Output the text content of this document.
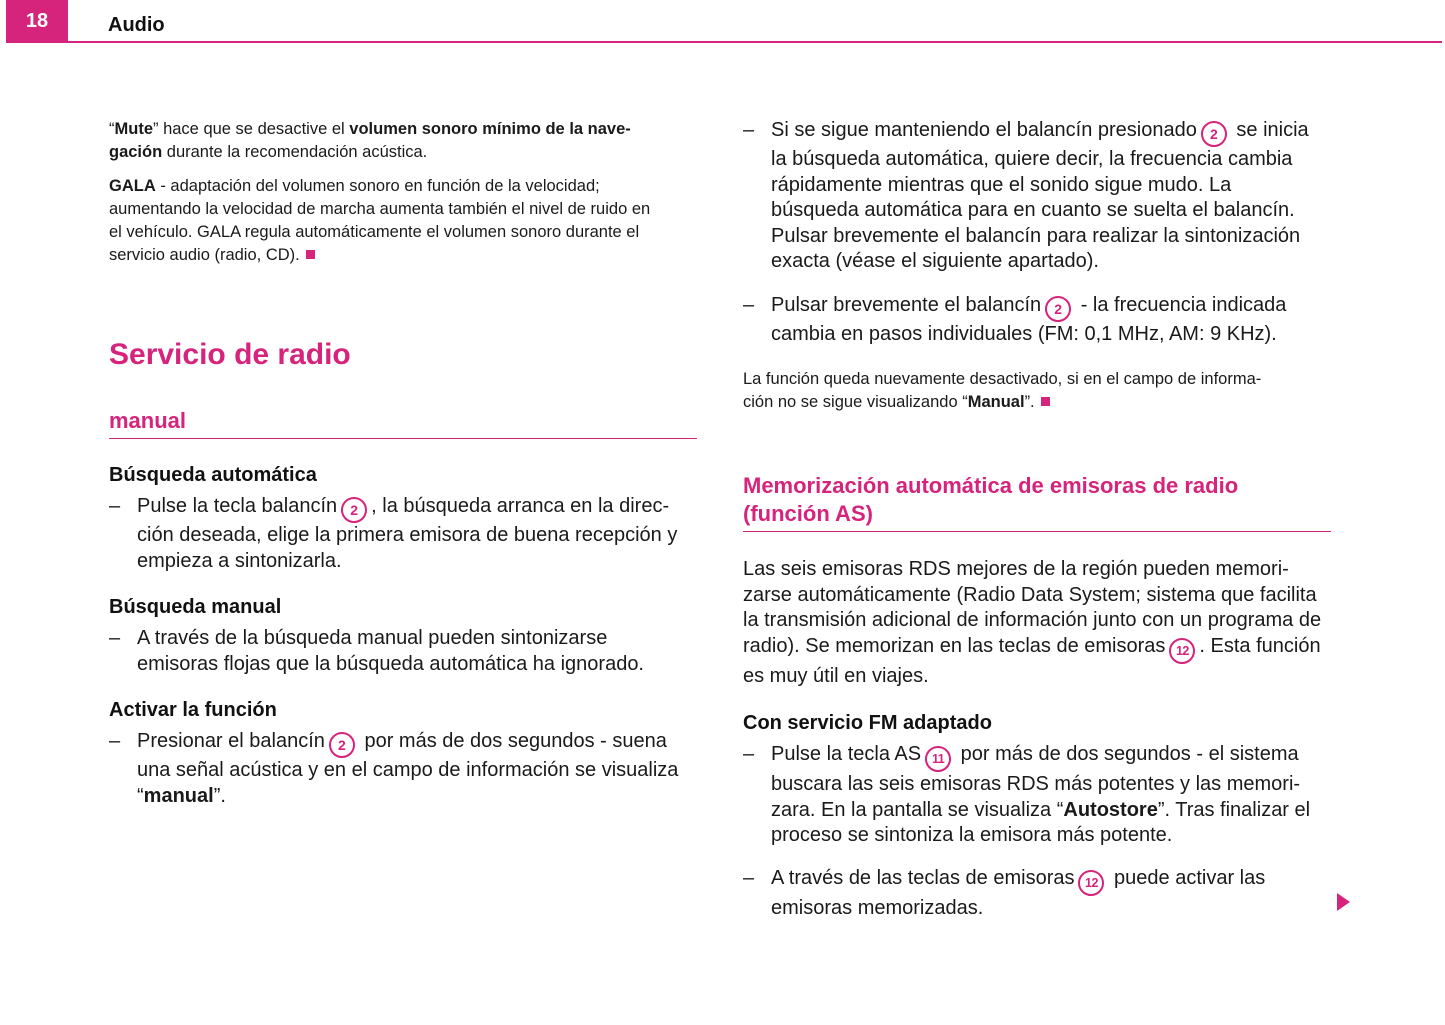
18	Audio

“Mute” hace que se desactive el volumen sonoro mínimo de la nave-
gación durante la recomendación acústica.

GALA - adaptación del volumen sonoro en función de la velocidad;
aumentando la velocidad de marcha aumenta también el nivel de ruido en
el vehículo. GALA regula automáticamente el volumen sonoro durante el
servicio audio (radio, CD).

Servicio de radio
manual
Búsqueda automática
– Pulse la tecla balancín 2 , la búsqueda arranca en la direc-
ción deseada, elige la primera emisora de buena recepción y
empieza a sintonizarla.
Búsqueda manual
– A través de la búsqueda manual pueden sintonizarse
emisoras flojas que la búsqueda automática ha ignorado.
Activar la función
– Presionar el balancín 2 por más de dos segundos - suena
una señal acústica y en el campo de información se visualiza
“manual”.
– Si se sigue manteniendo el balancín presionado 2 se inicia
la búsqueda automática, quiere decir, la frecuencia cambia
rápidamente mientras que el sonido sigue mudo. La
búsqueda automática para en cuanto se suelta el balancín.
Pulsar brevemente el balancín para realizar la sintonización
exacta (véase el siguiente apartado).
– Pulsar brevemente el balancín 2 - la frecuencia indicada
cambia en pasos individuales (FM: 0,1 MHz, AM: 9 KHz).

La función queda nuevamente desactivado, si en el campo de informa-
ción no se sigue visualizando “Manual”.

Memorización automática de emisoras de radio
(función AS)

Las seis emisoras RDS mejores de la región pueden memori-
zarse automáticamente (Radio Data System; sistema que facilita
la transmisión adicional de información junto con un programa de
radio). Se memorizan en las teclas de emisoras 12 . Esta función
es muy útil en viajes.

Con servicio FM adaptado
– Pulse la tecla AS 11 por más de dos segundos - el sistema
buscara las seis emisoras RDS más potentes y las memori-
zara. En la pantalla se visualiza “Autostore”. Tras finalizar el
proceso se sintoniza la emisora más potente.
– A través de las teclas de emisoras 12 puede activar las
emisoras memorizadas.
